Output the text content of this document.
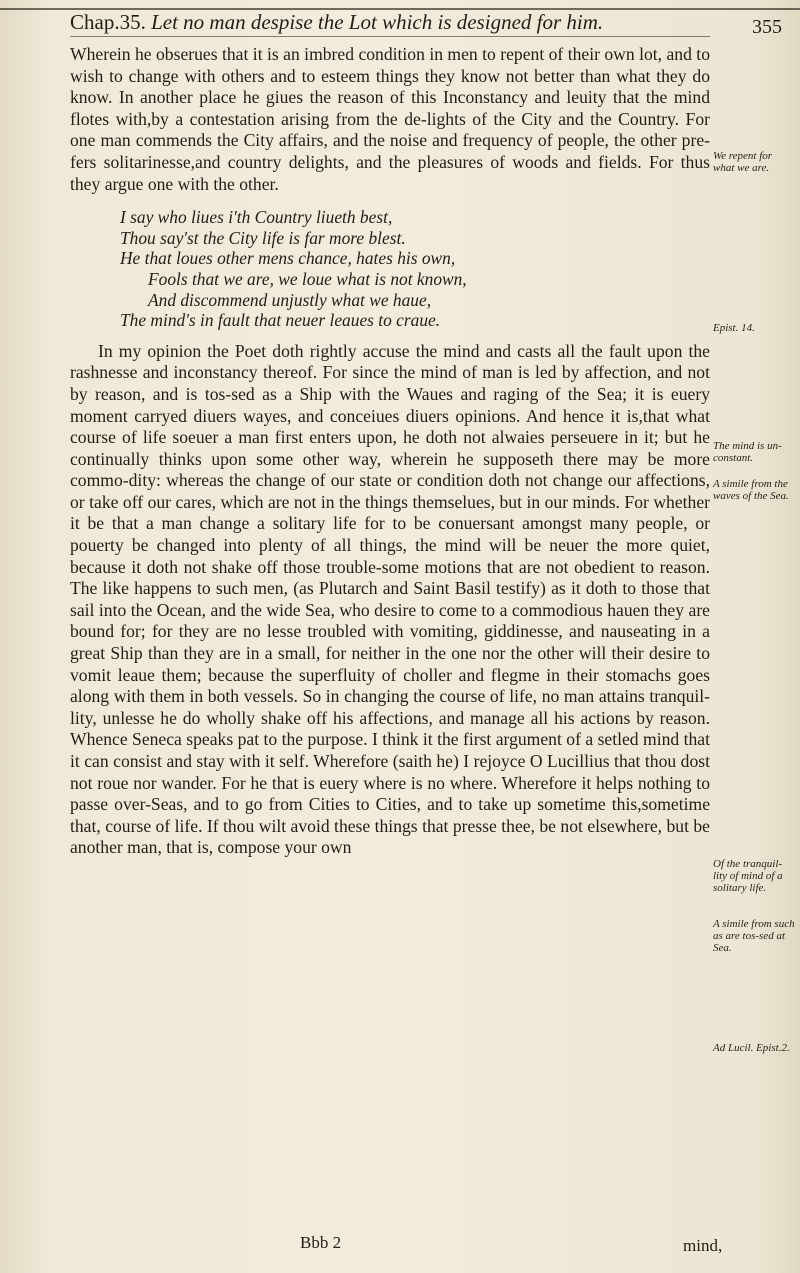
Chap.35. Let no man despise the Lot which is designed for him.	355

Wherein he obserues that it is an imbred condition in men to repent of their own lot, and to wish to change with others and to esteem things they know not better than what they do know. In another place he giues the reason of this Inconstancy and leuity that the mind flotes with,by a contestation arising from the de-lights of the City and the Country. For one man commends the City affairs, and the noise and frequency of people, the other pre-fers solitarinesse,and country delights, and the pleasures of woods and fields. For thus they argue one with the other.

I say who liues i'th Country liueth best,
Thou say'st the City life is far more blest.
He that loues other mens chance, hates his own,
Fools that we are, we loue what is not known,
And discommend unjustly what we haue,
The mind's in fault that neuer leaues to craue.

In my opinion the Poet doth rightly accuse the mind and casts all the fault upon the rashnesse and inconstancy thereof. For since the mind of man is led by affection, and not by reason, and is tos-sed as a Ship with the Waues and raging of the Sea; it is euery moment carryed diuers wayes, and conceiues diuers opinions. And hence it is,that what course of life soeuer a man first enters upon, he doth not alwaies perseuere in it; but he continually thinks upon some other way, wherein he supposeth there may be more commo-dity: whereas the change of our state or condition doth not change our affections, or take off our cares, which are not in the things themselues, but in our minds. For whether it be that a man change a solitary life for to be conuersant amongst many people, or pouerty be changed into plenty of all things, the mind will be neuer the more quiet, because it doth not shake off those trouble-some motions that are not obedient to reason. The like happens to such men, (as Plutarch and Saint Basil testify) as it doth to those that sail into the Ocean, and the wide Sea, who desire to come to a commodious hauen they are bound for; for they are no lesse troubled with vomiting, giddinesse, and nauseating in a great Ship than they are in a small, for neither in the one nor the other will their desire to vomit leaue them; because the superfluity of choller and flegme in their stomachs goes along with them in both vessels. So in changing the course of life, no man attains tranquil-lity, unlesse he do wholly shake off his affections, and manage all his actions by reason. Whence Seneca speaks pat to the purpose. I think it the first argument of a setled mind that it can consist and stay with it self. Wherefore (saith he) I rejoyce O Lucillius that thou dost not roue nor wander. For he that is euery where is no where. Wherefore it helps nothing to passe over-Seas, and to go from Cities to Cities, and to take up sometime this,sometime that, course of life. If thou wilt avoid these things that presse thee, be not elsewhere, but be another man, that is, compose your own

We repent for what we are.
Epist. 14.
The mind is un-constant.
A simile from the waves of the Sea.
Of the tranquil-lity of mind of a solitary life.
A simile from such as are tos-sed at Sea.
Ad Lucil. Epist.2.
Bbb 2	mind,
